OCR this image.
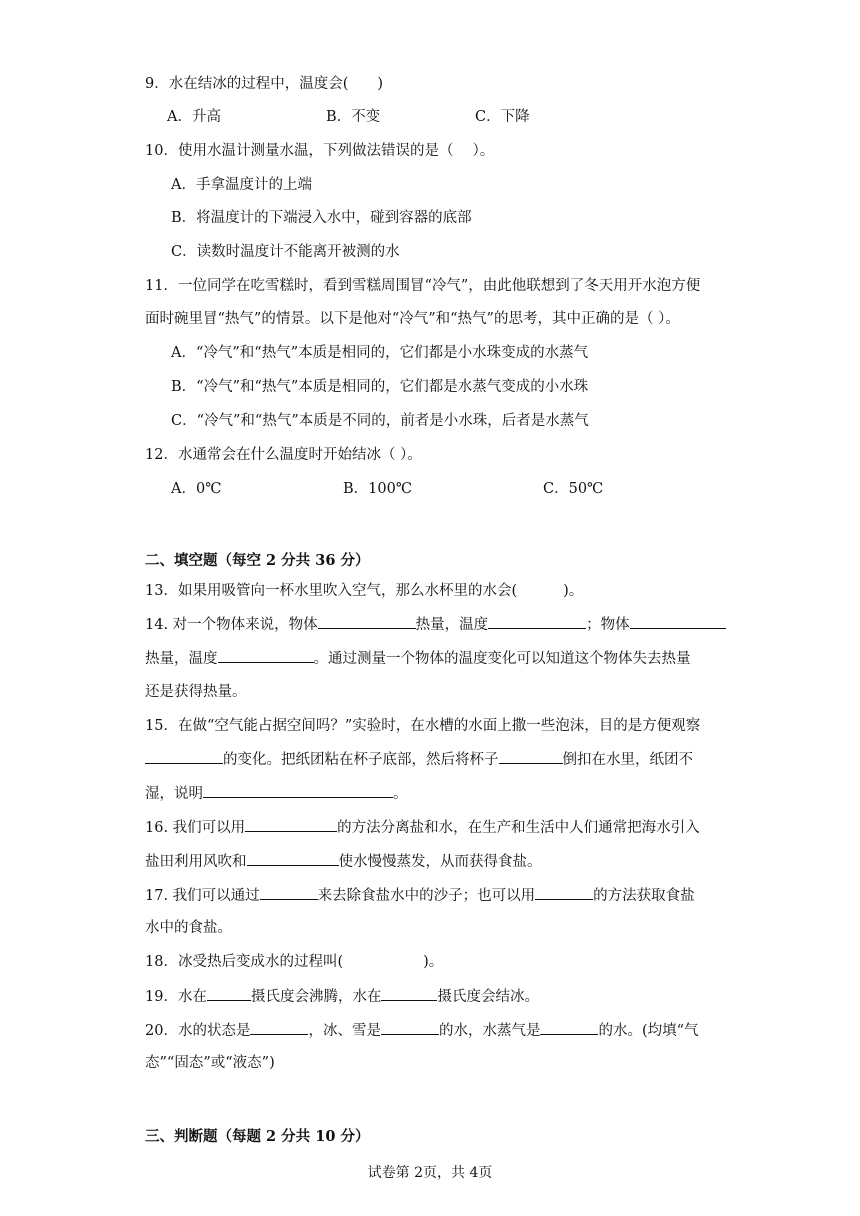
9．水在结冰的过程中，温度会(　　)
A．升高	B．不变	C．下降
10．使用水温计测量水温，下列做法错误的是（　 ）。
A．手拿温度计的上端
B．将温度计的下端浸入水中，碰到容器的底部
C．读数时温度计不能离开被测的水
11．一位同学在吃雪糕时，看到雪糕周围冒“冷气”，由此他联想到了冬天用开水泡方便
面时碗里冒“热气”的情景。以下是他对“冷气”和“热气”的思考，其中正确的是（ ）。
A．“冷气”和“热气”本质是相同的，它们都是小水珠变成的水蒸气
B．“冷气”和“热气”本质是相同的，它们都是水蒸气变成的小水珠
C．“冷气”和“热气”本质是不同的，前者是小水珠，后者是水蒸气
12．水通常会在什么温度时开始结冰（ ）。
A．0℃	B．100℃	C．50℃
二、填空题（每空 2 分共 36 分）
13．如果用吸管向一杯水里吹入空气，那么水杯里的水会(	)。
14. 对一个物体来说，物体	热量，温度	；物体
热量，温度	。通过测量一个物体的温度变化可以知道这个物体失去热量
还是获得热量。
15．在做“空气能占据空间吗？”实验时，在水槽的水面上撒一些泡沫，目的是方便观察
的变化。把纸团粘在杯子底部，然后将杯子	倒扣在水里，纸团不
湿，说明	。
16. 我们可以用	的方法分离盐和水，在生产和生活中人们通常把海水引入
盐田利用风吹和	使水慢慢蒸发，从而获得食盐。
17. 我们可以通过	来去除食盐水中的沙子；也可以用	的方法获取食盐
水中的食盐。
18．冰受热后变成水的过程叫(	)。
19．水在	摄氏度会沸腾，水在	摄氏度会结冰。
20．水的状态是	，冰、雪是	的水，水蒸气是	的水。(均填“气
态”“固态”或“液态”)
三、判断题（每题 2 分共 10 分）
试卷第 2页，共 4页
